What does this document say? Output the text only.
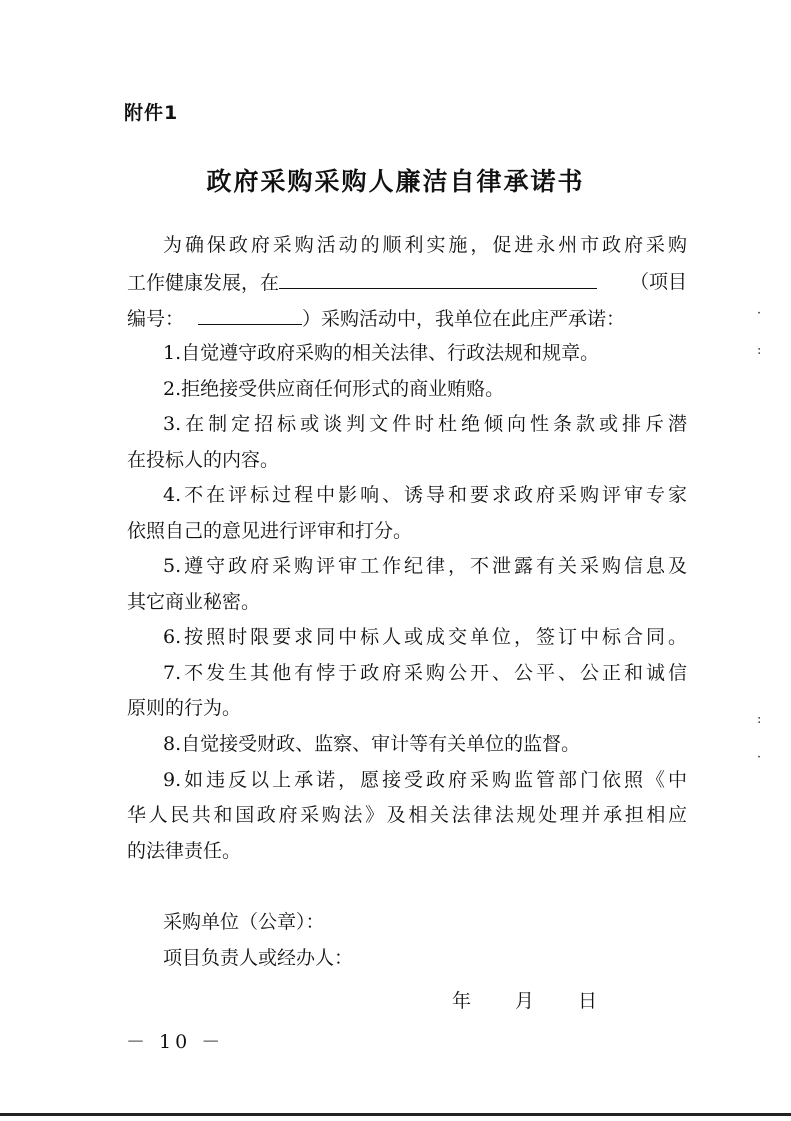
附件1
政府采购采购人廉洁自律承诺书
为确保政府采购活动的顺利实施，促进永州市政府采购
工作健康发展，在	（项目
编号：	）采购活动中，我单位在此庄严承诺：
1.自觉遵守政府采购的相关法律、行政法规和规章。
2.拒绝接受供应商任何形式的商业贿赂。
3.在制定招标或谈判文件时杜绝倾向性条款或排斥潜
在投标人的内容。
4.不在评标过程中影响、诱导和要求政府采购评审专家
依照自己的意见进行评审和打分。
5.遵守政府采购评审工作纪律，不泄露有关采购信息及
其它商业秘密。
6.按照时限要求同中标人或成交单位，签订中标合同。
7.不发生其他有悖于政府采购公开、公平、公正和诚信
原则的行为。
8.自觉接受财政、监察、审计等有关单位的监督。
9.如违反以上承诺，愿接受政府采购监管部门依照《中
华人民共和国政府采购法》及相关法律法规处理并承担相应
的法律责任。
采购单位（公章）：
项目负责人或经办人：
年 月 日
－ 10 －
·
:
:
·
